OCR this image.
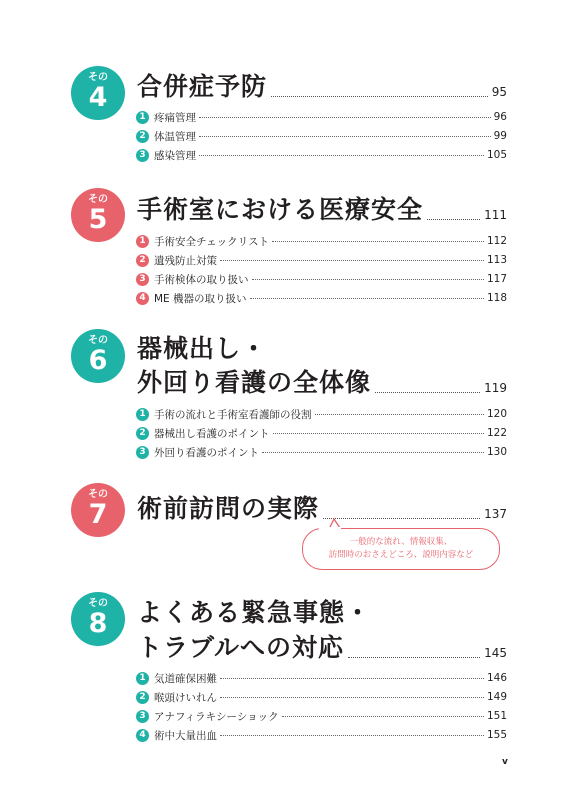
その
4	合併症予防	95
1 疼痛管理	96
2 体温管理	99
3 感染管理	105
その
5	手術室における医療安全	111
1 手術安全チェックリスト	112
2 遺残防止対策	113
3 手術検体の取り扱い	117
4 ME 機器の取り扱い	118
その
6	器械出し・
外回り看護の全体像	119
1 手術の流れと手術室看護師の役割	120
2 器械出し看護のポイント	122
3 外回り看護のポイント	130
その
7	術前訪問の実際	137
一般的な流れ、情報収集、
訪問時のおさえどころ、説明内容など
その
8	よくある緊急事態・
トラブルへの対応	145
1 気道確保困難	146
2 喉頭けいれん	149
3 アナフィラキシーショック	151
4 術中大量出血	155
v
